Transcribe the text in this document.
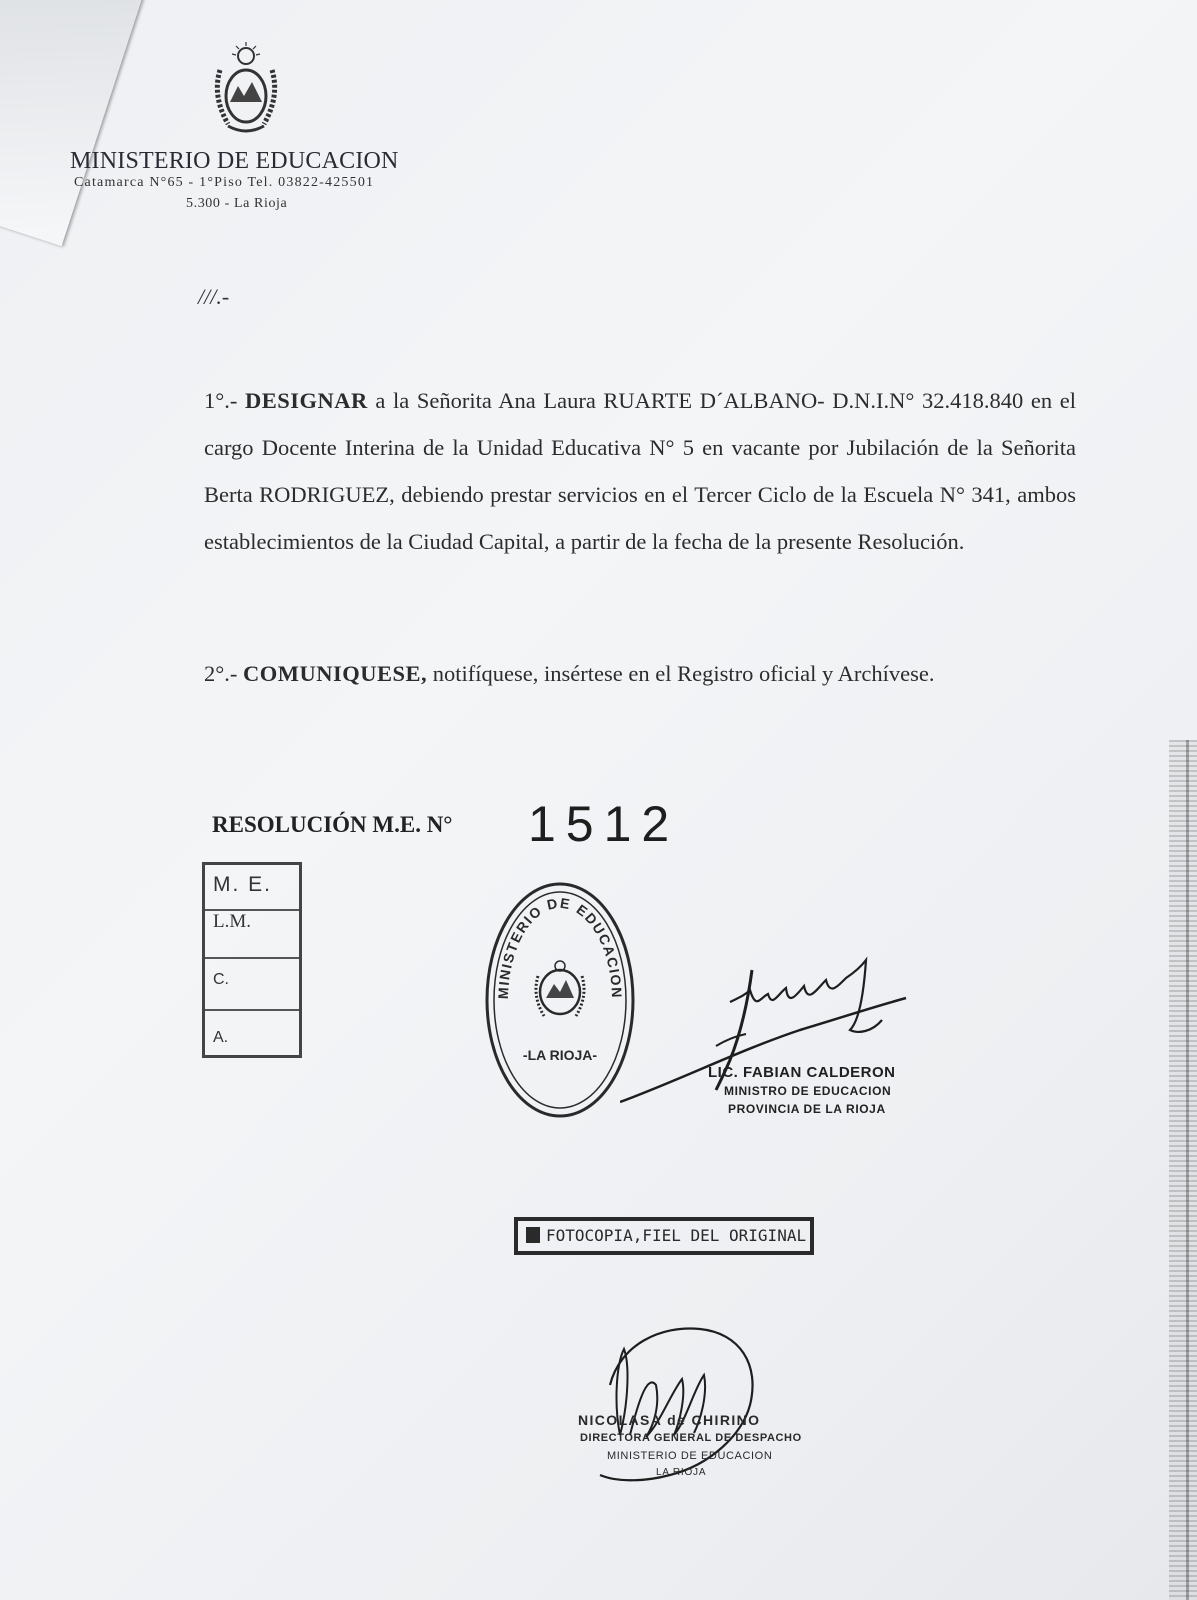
MINISTERIO DE EDUCACION
Catamarca N°65 - 1°Piso Tel. 03822-425501
5.300 - La Rioja
///.-
1°.- DESIGNAR a la Señorita Ana Laura RUARTE D´ALBANO- D.N.I.N° 32.418.840 en el cargo Docente Interina de la Unidad Educativa N° 5 en vacante por Jubilación de la Señorita Berta RODRIGUEZ, debiendo prestar servicios en el Tercer Ciclo de la Escuela N° 341, ambos establecimientos de la Ciudad Capital, a partir de la fecha de la presente Resolución.
2°.- COMUNIQUESE, notifíquese, insértese en el Registro oficial y Archívese.
RESOLUCIÓN M.E. N° 1512
M. E.
L.M.
C.
A.
MINISTERIO DE EDUCACION
-LA RIOJA-
LIC. FABIAN CALDERON
MINISTRO DE EDUCACION
PROVINCIA DE LA RIOJA
FOTOCOPIA,FIEL DEL ORIGINAL
NICOLASA de CHIRINO
DIRECTORA GENERAL DE DESPACHO
MINISTERIO DE EDUCACION
LA RIOJA
